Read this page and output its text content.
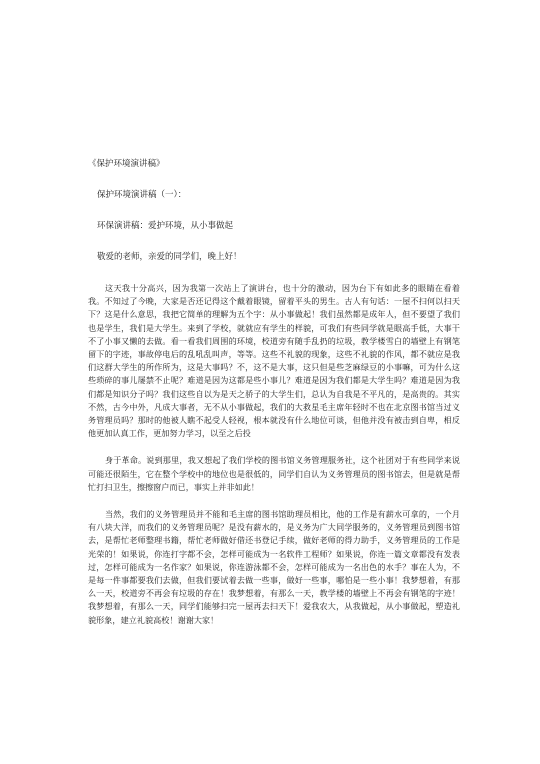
《保护环境演讲稿》
保护环境演讲稿（一）：
环保演讲稿：爱护环境，从小事做起
敬爱的老师，亲爱的同学们，晚上好！

这天我十分高兴，因为我第一次站上了演讲台，也十分的激动，因为台下有如此多的眼睛在看着我。不知过了今晚，大家是否还记得这个戴着眼镜，留着平头的男生。古人有句话：一屋不扫何以扫天下？这是什么意思，我把它简单的理解为五个字：从小事做起！我们虽然都是成年人，但不要望了我们也是学生，我们是大学生。来到了学校，就就应有学生的样貌，可我们有些同学就是眼高手低，大事干不了小事又懒的去做。看一看我们周围的环境，校道旁有随手乱扔的垃圾，教学楼雪白的墙壁上有钢笔留下的字迹，事故停电后的乱吼乱叫声，等等。这些不礼貌的现象，这些不礼貌的作风，都不就应是我们这群大学生的所作所为，这是大事吗？不，这不是大事，这只但是些芝麻绿豆的小事嘛，可为什么这些琐碎的事儿屡禁不止呢？难道是因为这都是些小事儿？难道是因为我们都是大学生吗？难道是因为我们都是知识分子吗？我们这些自以为是天之骄子的大学生们，总认为自我是不平凡的，是高贵的。其实不然，古今中外，凡成大事者，无不从小事做起，我们的大救星毛主席年轻时不也在北京图书馆当过义务管理员吗？那时的他被人瞧不起受人轻视，根本就没有什么地位可谈，但他并没有被击到自卑，相反他更加认真工作，更加努力学习，以至之后投

身于革命。说到那里，我又想起了我们学校的图书馆义务管理服务社，这个社团对于有些同学来说可能还很陌生，它在整个学校中的地位也是很低的，同学们自认为义务管理员的图书馆去，但是就是帮忙打扫卫生，擦擦窗户而已，事实上并非如此！

当然，我们的义务管理员并不能和毛主席的图书馆助理员相比，他的工作是有薪水可拿的，一个月有八块大洋，而我们的义务管理员呢？是没有薪水的，是义务为广大同学服务的，义务管理员到图书馆去，是帮忙老师整理书籍，帮忙老师做好借还书登记手续，做好老师的得力助手，义务管理员的工作是光荣的！如果说，你连打字都不会，怎样可能成为一名软件工程师？如果说，你连一篇文章都没有发表过，怎样可能成为一名作家？如果说，你连游泳都不会，怎样可能成为一名出色的水手？事在人为，不是每一件事都要我们去做，但我们要试着去做一些事，做好一些事，哪怕是一些小事！我梦想着，有那么一天，校道旁不再会有垃圾的存在！我梦想着，有那么一天，教学楼的墙壁上不再会有钢笔的字迹！我梦想着，有那么一天，同学们能够扫完一屋再去扫天下！爱我农大，从我做起，从小事做起，塑造礼貌形象，建立礼貌高校！谢谢大家！
